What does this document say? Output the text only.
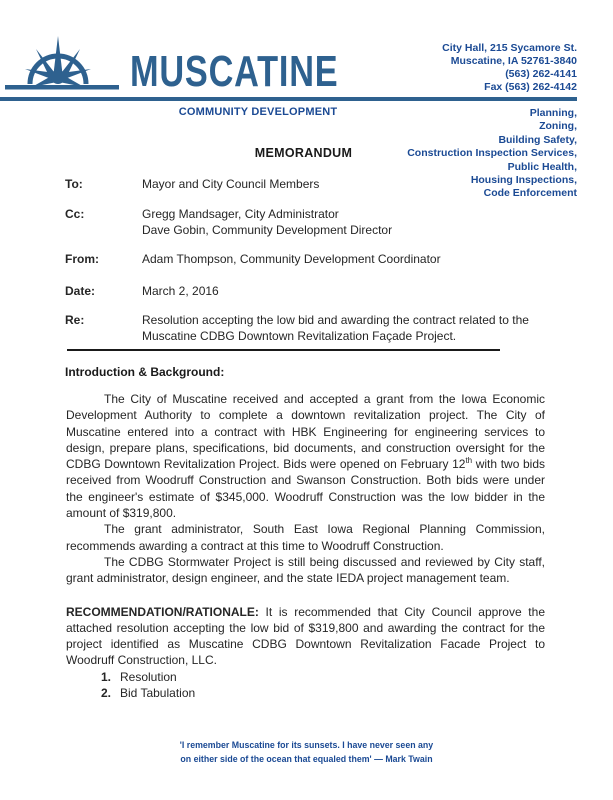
MUSCATINE	City Hall, 215 Sycamore St.
Muscatine, IA 52761-3840
(563) 262-4141
Fax (563) 262-4142
COMMUNITY DEVELOPMENT	Planning,
Zoning,
Building Safety,
Construction Inspection Services,
Public Health,
Housing Inspections,
Code Enforcement
MEMORANDUM
To:	Mayor and City Council Members
Cc:	Gregg Mandsager, City Administrator
Dave Gobin, Community Development Director
From:	Adam Thompson, Community Development Coordinator
Date:	March 2, 2016
Re:	Resolution accepting the low bid and awarding the contract related to the Muscatine CDBG Downtown Revitalization Façade Project.
Introduction & Background:

The City of Muscatine received and accepted a grant from the Iowa Economic Development Authority to complete a downtown revitalization project. The City of Muscatine entered into a contract with HBK Engineering for engineering services to design, prepare plans, specifications, bid documents, and construction oversight for the CDBG Downtown Revitalization Project. Bids were opened on February 12th with two bids received from Woodruff Construction and Swanson Construction. Both bids were under the engineer's estimate of $345,000. Woodruff Construction was the low bidder in the amount of $319,800.

The grant administrator, South East Iowa Regional Planning Commission, recommends awarding a contract at this time to Woodruff Construction.

The CDBG Stormwater Project is still being discussed and reviewed by City staff, grant administrator, design engineer, and the state IEDA project management team.

RECOMMENDATION/RATIONALE: It is recommended that City Council approve the attached resolution accepting the low bid of $319,800 and awarding the contract for the project identified as Muscatine CDBG Downtown Revitalization Facade Project to Woodruff Construction, LLC.

1. Resolution
2. Bid Tabulation
'I remember Muscatine for its sunsets. I have never seen any
on either side of the ocean that equaled them' — Mark Twain
